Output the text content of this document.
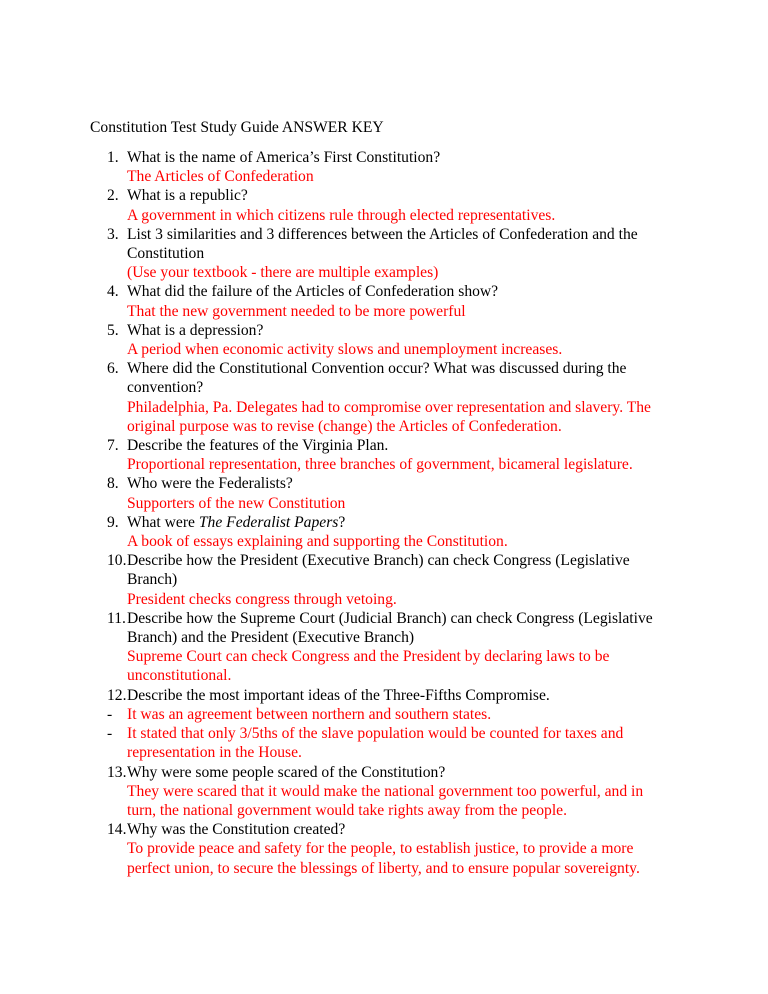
Constitution Test Study Guide ANSWER KEY
1. What is the name of America’s First Constitution?
The Articles of Confederation
2. What is a republic?
A government in which citizens rule through elected representatives.
3. List 3 similarities and 3 differences between the Articles of Confederation and the
Constitution
(Use your textbook - there are multiple examples)
4. What did the failure of the Articles of Confederation show?
That the new government needed to be more powerful
5. What is a depression?
A period when economic activity slows and unemployment increases.
6. Where did the Constitutional Convention occur? What was discussed during the
convention?
Philadelphia, Pa. Delegates had to compromise over representation and slavery. The
original purpose was to revise (change) the Articles of Confederation.
7. Describe the features of the Virginia Plan.
Proportional representation, three branches of government, bicameral legislature.
8. Who were the Federalists?
Supporters of the new Constitution
9. What were The Federalist Papers?
A book of essays explaining and supporting the Constitution.
10. Describe how the President (Executive Branch) can check Congress (Legislative
Branch)
President checks congress through vetoing.
11. Describe how the Supreme Court (Judicial Branch) can check Congress (Legislative
Branch) and the President (Executive Branch)
Supreme Court can check Congress and the President by declaring laws to be
unconstitutional.
12. Describe the most important ideas of the Three-Fifths Compromise.
- It was an agreement between northern and southern states.
- It stated that only 3/5ths of the slave population would be counted for taxes and
representation in the House.
13. Why were some people scared of the Constitution?
They were scared that it would make the national government too powerful, and in
turn, the national government would take rights away from the people.
14. Why was the Constitution created?
To provide peace and safety for the people, to establish justice, to provide a more
perfect union, to secure the blessings of liberty, and to ensure popular sovereignty.
